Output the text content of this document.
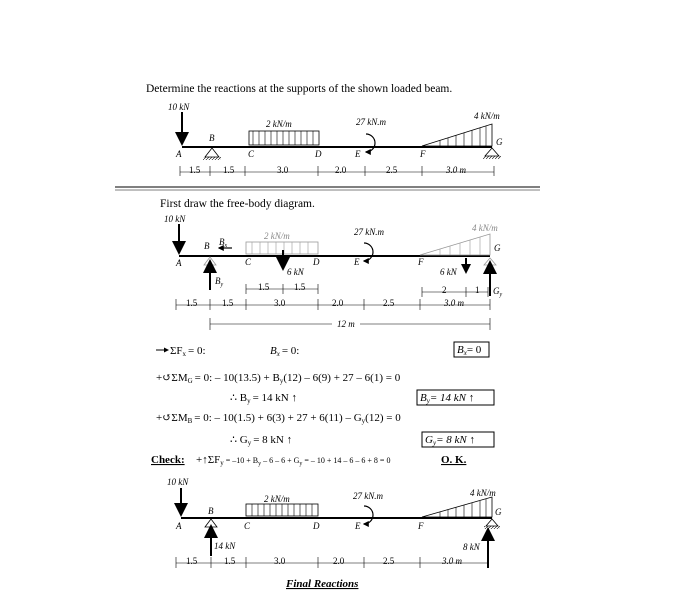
Determine the reactions at the supports of the shown loaded beam.
10 kN
2 kN/m	27 kN.m
4 kN/m
A
B
C	D	E	F
G
1.5	1.5	3.0	2.0	2.5	3.0 m
First draw the free-body diagram.
10 kN
2 kN/m
6 kN
27 kN.m	4 kN/m
6 kN
B $B_x$
$B_y$
$G_y$
A	C	D	E	F
G
1.5	1.5	2	1
1.5	1.5	3.0	2.0	2.5	3.0 m
12 m
ΣFx = 0:	Bx = 0:	Bx= 0
+↺ΣMG = 0: – 10(13.5) + By(12) – 6(9) + 27 – 6(1) = 0
∴ By = 14 kN ↑	By= 14 kN ↑
+↺ΣMB = 0: – 10(1.5) + 6(3) + 27 + 6(11) – Gy(12) = 0
∴ Gy = 8 kN ↑	Gy= 8 kN ↑
Check: +↑ΣFy = –10 + By – 6 – 6 + Gy = – 10 + 14 – 6 – 6 + 8 = 0	O. K.
10 kN
2 kN/m	27 kN.m	4 kN/m
14 kN	8 kN
A
B
C	D	E	F
G
1.5	1.5	3.0	2.0	2.5	3.0 m
Final Reactions
